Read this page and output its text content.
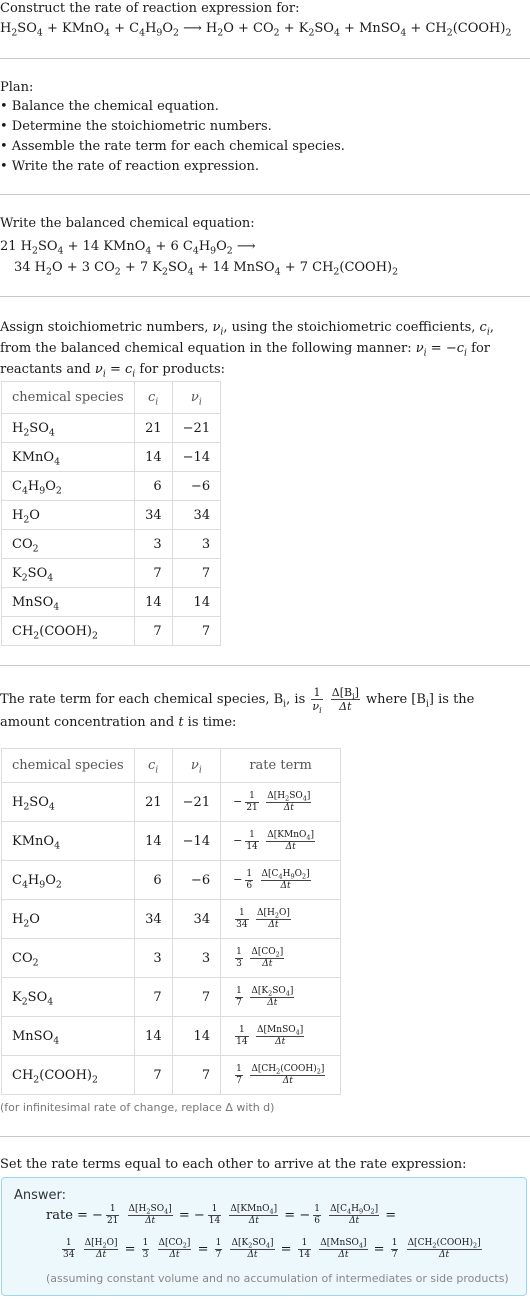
Construct the rate of reaction expression for:
$H_2SO_4$ + KMnO$_4$ + $C_4H_9O_2$ ⟶ $H_2O + CO_2 + K_2SO_4$ + MnSO$_4$ + $CH_2(COOH)_2$
Plan:
• Balance the chemical equation.
• Determine the stoichiometric numbers.
• Assemble the rate term for each chemical species.
• Write the rate of reaction expression.
Write the balanced chemical equation:
21 $H_2SO_4 + 14$ KMnO$_4$ + 6 $C_4H_9O_2$ ⟶
34 $H_2O + 3$ $CO_2 + 7$ $K_2SO_4 + 14$ MnSO$_4$ + 7 $CH_2(COOH)_2$
Assign stoichiometric numbers, $\nu_i$, using the stoichiometric coefficients, $c_i$, from the balanced chemical equation in the following manner: $\nu_i = -c_i$ for reactants and $\nu_i = c_i$ for products:
chemical species	$c_i$	$\nu_i$
$H_2SO_4$	21	−21
KMnO$_4$	14	−14
$C_4H_9O_2$	6	−6
$H_2O$	34	34
$CO_2$	3	3
$K_2SO_4$	7	7
MnSO$_4$	14	14
$CH_2(COOH)_2$	7	7
The rate term for each chemical species, $B_i$, is $\frac{1}{\nu_i}$
$\frac{\Delta[B_i]}{\Delta t}$ where $[B_i]$ is the amount concentration and t is time:
chemical species	$c_i$	$\nu_i$	rate term
$H_2SO_4$	21	−21	− $\frac{1}{21}$
$\frac{\Delta[H_2SO_4]}{\Delta t}$

KMnO$_4$	14	−14	− $\frac{1}{14}$
$\frac{\Delta[KMnO_4]}{\Delta t}$

$C_4H_9O_2$	6	−6	− $\frac{1}{6}$
$\frac{\Delta[C_4H_9O_2]}{\Delta t}$

$H_2O$	34	34	$\frac{1}{34}$
$\frac{\Delta[H_2O]}{\Delta t}$

$CO_2$	3	3	$\frac{1}{3}$
$\frac{\Delta[CO_2]}{\Delta t}$

$K_2SO_4$	7	7	$\frac{1}{7}$
$\frac{\Delta[K_2SO_4]}{\Delta t}$

MnSO$_4$	14	14	$\frac{1}{14}$
$\frac{\Delta[MnSO_4]}{\Delta t}$

$CH_2(COOH)_2$	7	7	$\frac{1}{7}$
$\frac{\Delta[CH_2(COOH)_2]}{\Delta t}$
(for infinitesimal rate of change, replace Δ with d)
Set the rate terms equal to each other to arrive at the rate expression:
Answer:
rate = − $\frac{1}{21}$
$\frac{\Delta[H_2SO_4]}{\Delta t}$ = − $\frac{1}{14}$
$\frac{\Delta[KMnO_4]}{\Delta t}$ = − $\frac{1}{6}$
$\frac{\Delta[C_4H_9O_2]}{\Delta t}$ =
$\frac{1}{34}$
$\frac{\Delta[H_2O]}{\Delta t} = \frac{1}{3}$
$\frac{\Delta[CO_2]}{\Delta t} = \frac{1}{7}$
$\frac{\Delta[K_2SO_4]}{\Delta t} = \frac{1}{14}$
$\frac{\Delta[MnSO_4]}{\Delta t} = \frac{1}{7}$
$\frac{\Delta[CH_2(COOH)_2]}{\Delta t}$
(assuming constant volume and no accumulation of intermediates or side products)
